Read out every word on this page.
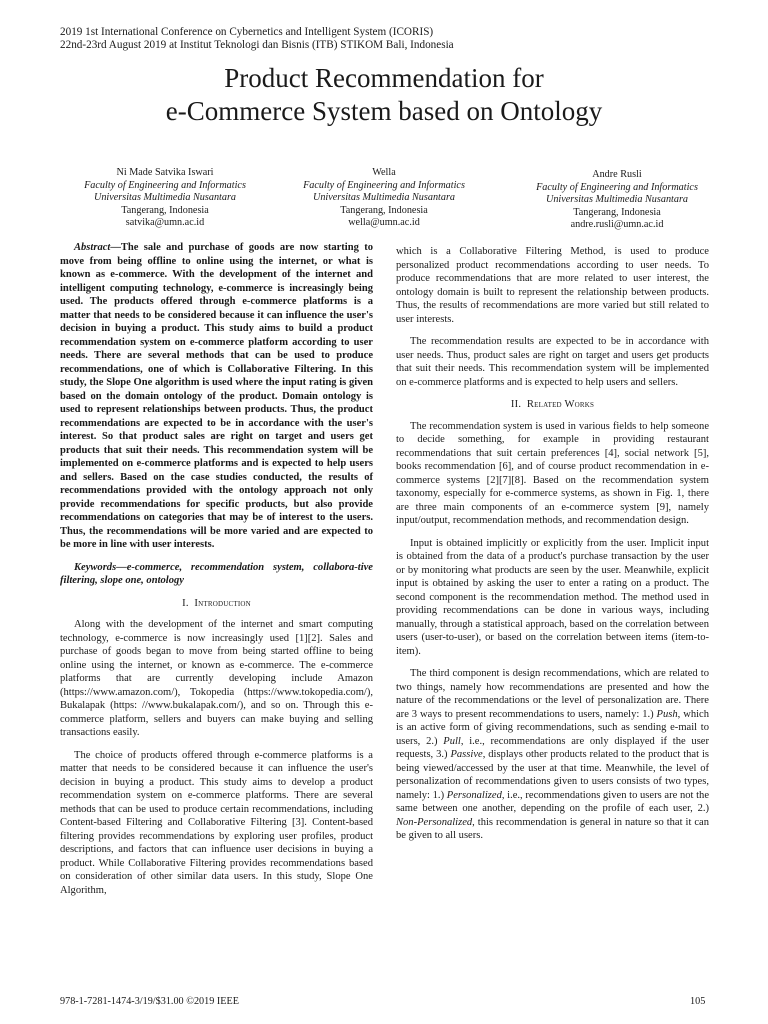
2019 1st International Conference on Cybernetics and Intelligent System (ICORIS)
22nd-23rd August 2019 at Institut Teknologi dan Bisnis (ITB) STIKOM Bali, Indonesia
Product Recommendation for
e-Commerce System based on Ontology
Ni Made Satvika Iswari
Faculty of Engineering and Informatics
Universitas Multimedia Nusantara
Tangerang, Indonesia
satvika@umn.ac.id
Wella
Faculty of Engineering and Informatics
Universitas Multimedia Nusantara
Tangerang, Indonesia
wella@umn.ac.id
Andre Rusli
Faculty of Engineering and Informatics
Universitas Multimedia Nusantara
Tangerang, Indonesia
andre.rusli@umn.ac.id

Abstract—The sale and purchase of goods are now starting to move from being offline to online using the internet, or what is known as e-commerce. With the development of the internet and intelligent computing technology, e-commerce is increasingly being used. The products offered through e-commerce platforms is a matter that needs to be considered because it can influence the user's decision in buying a product. This study aims to build a product recommendation system on e-commerce platform according to user needs. There are several methods that can be used to produce recommendations, one of which is Collaborative Filtering. In this study, the Slope One algorithm is used where the input rating is given based on the domain ontology of the product. Domain ontology is used to represent relationships between products. Thus, the product recommendations are expected to be in accordance with the user's interest. So that product sales are right on target and users get products that suit their needs. This recommendation system will be implemented on e-commerce platforms and is expected to help users and sellers. Based on the case studies conducted, the results of recommendations provided with the ontology approach not only provide recommendations for specific products, but also provide recommendations on categories that may be of interest to the users. Thus, the recommendations will be more varied and are expected to be more in line with user interests.

Keywords—e-commerce, recommendation system, collabora-tive filtering, slope one, ontology

I. Introduction

Along with the development of the internet and smart computing technology, e-commerce is now increasingly used [1][2]. Sales and purchase of goods began to move from being started offline to being online using the internet, or known as e-commerce. The e-commerce platforms that are currently developing include Amazon (https://www.amazon.com/), Tokopedia (https://www.tokopedia.com/), Bukalapak (https: //www.bukalapak.com/), and so on. Through this e-commerce platform, sellers and buyers can make buying and selling transactions easily.

The choice of products offered through e-commerce platforms is a matter that needs to be considered because it can influence the user's decision in buying a product. This study aims to develop a product recommendation system on e-commerce platforms. There are several methods that can be used to produce certain recommendations, including Content-based Filtering and Collaborative Filtering [3]. Content-based filtering provides recommendations by exploring user profiles, product descriptions, and factors that can influence user decisions in buying a product. While Collaborative Filtering provides recommendations based on consideration of other similar data users. In this study, Slope One Algorithm,

which is a Collaborative Filtering Method, is used to produce personalized product recommendations according to user needs. To produce recommendations that are more related to user interest, the ontology domain is built to represent the relationship between products. Thus, the results of recommendations are more varied but still related to user interests.

The recommendation results are expected to be in accordance with user needs. Thus, product sales are right on target and users get products that suit their needs. This recommendation system will be implemented on e-commerce platforms and is expected to help users and sellers.

II. Related Works

The recommendation system is used in various fields to help someone to decide something, for example in providing restaurant recommendations that suit certain preferences [4], social network [5], books recommendation [6], and of course product recommendation in e-commerce systems [2][7][8]. Based on the recommendation system taxonomy, especially for e-commerce systems, as shown in Fig. 1, there are three main components of an e-commerce system [9], namely input/output, recommendation methods, and recommendation design.

Input is obtained implicitly or explicitly from the user. Implicit input is obtained from the data of a product's purchase transaction by the user or by monitoring what products are seen by the user. Meanwhile, explicit input is obtained by asking the user to enter a rating on a product. The second component is the recommendation method. The method used in providing recommendations can be done in various ways, including manually, through a statistical approach, based on the correlation between users (user-to-user), or based on the correlation between items (item-to-item).

The third component is design recommendations, which are related to two things, namely how recommendations are presented and how the nature of the recommendations or the level of personalization are. There are 3 ways to present recommendations to users, namely: 1.) Push, which is an active form of giving recommendations, such as sending e-mail to users, 2.) Pull, i.e., recommendations are only displayed if the user requests, 3.) Passive, displays other products related to the product that is being viewed/accessed by the user at that time. Meanwhile, the level of personalization of recommendations given to users consists of two types, namely: 1.) Personalized, i.e., recommendations given to users are not the same between one another, depending on the profile of each user, 2.) Non-Personalized, this recommendation is general in nature so that it can be given to all users.

978-1-7281-1474-3/19/$31.00 ©2019 IEEE	105
